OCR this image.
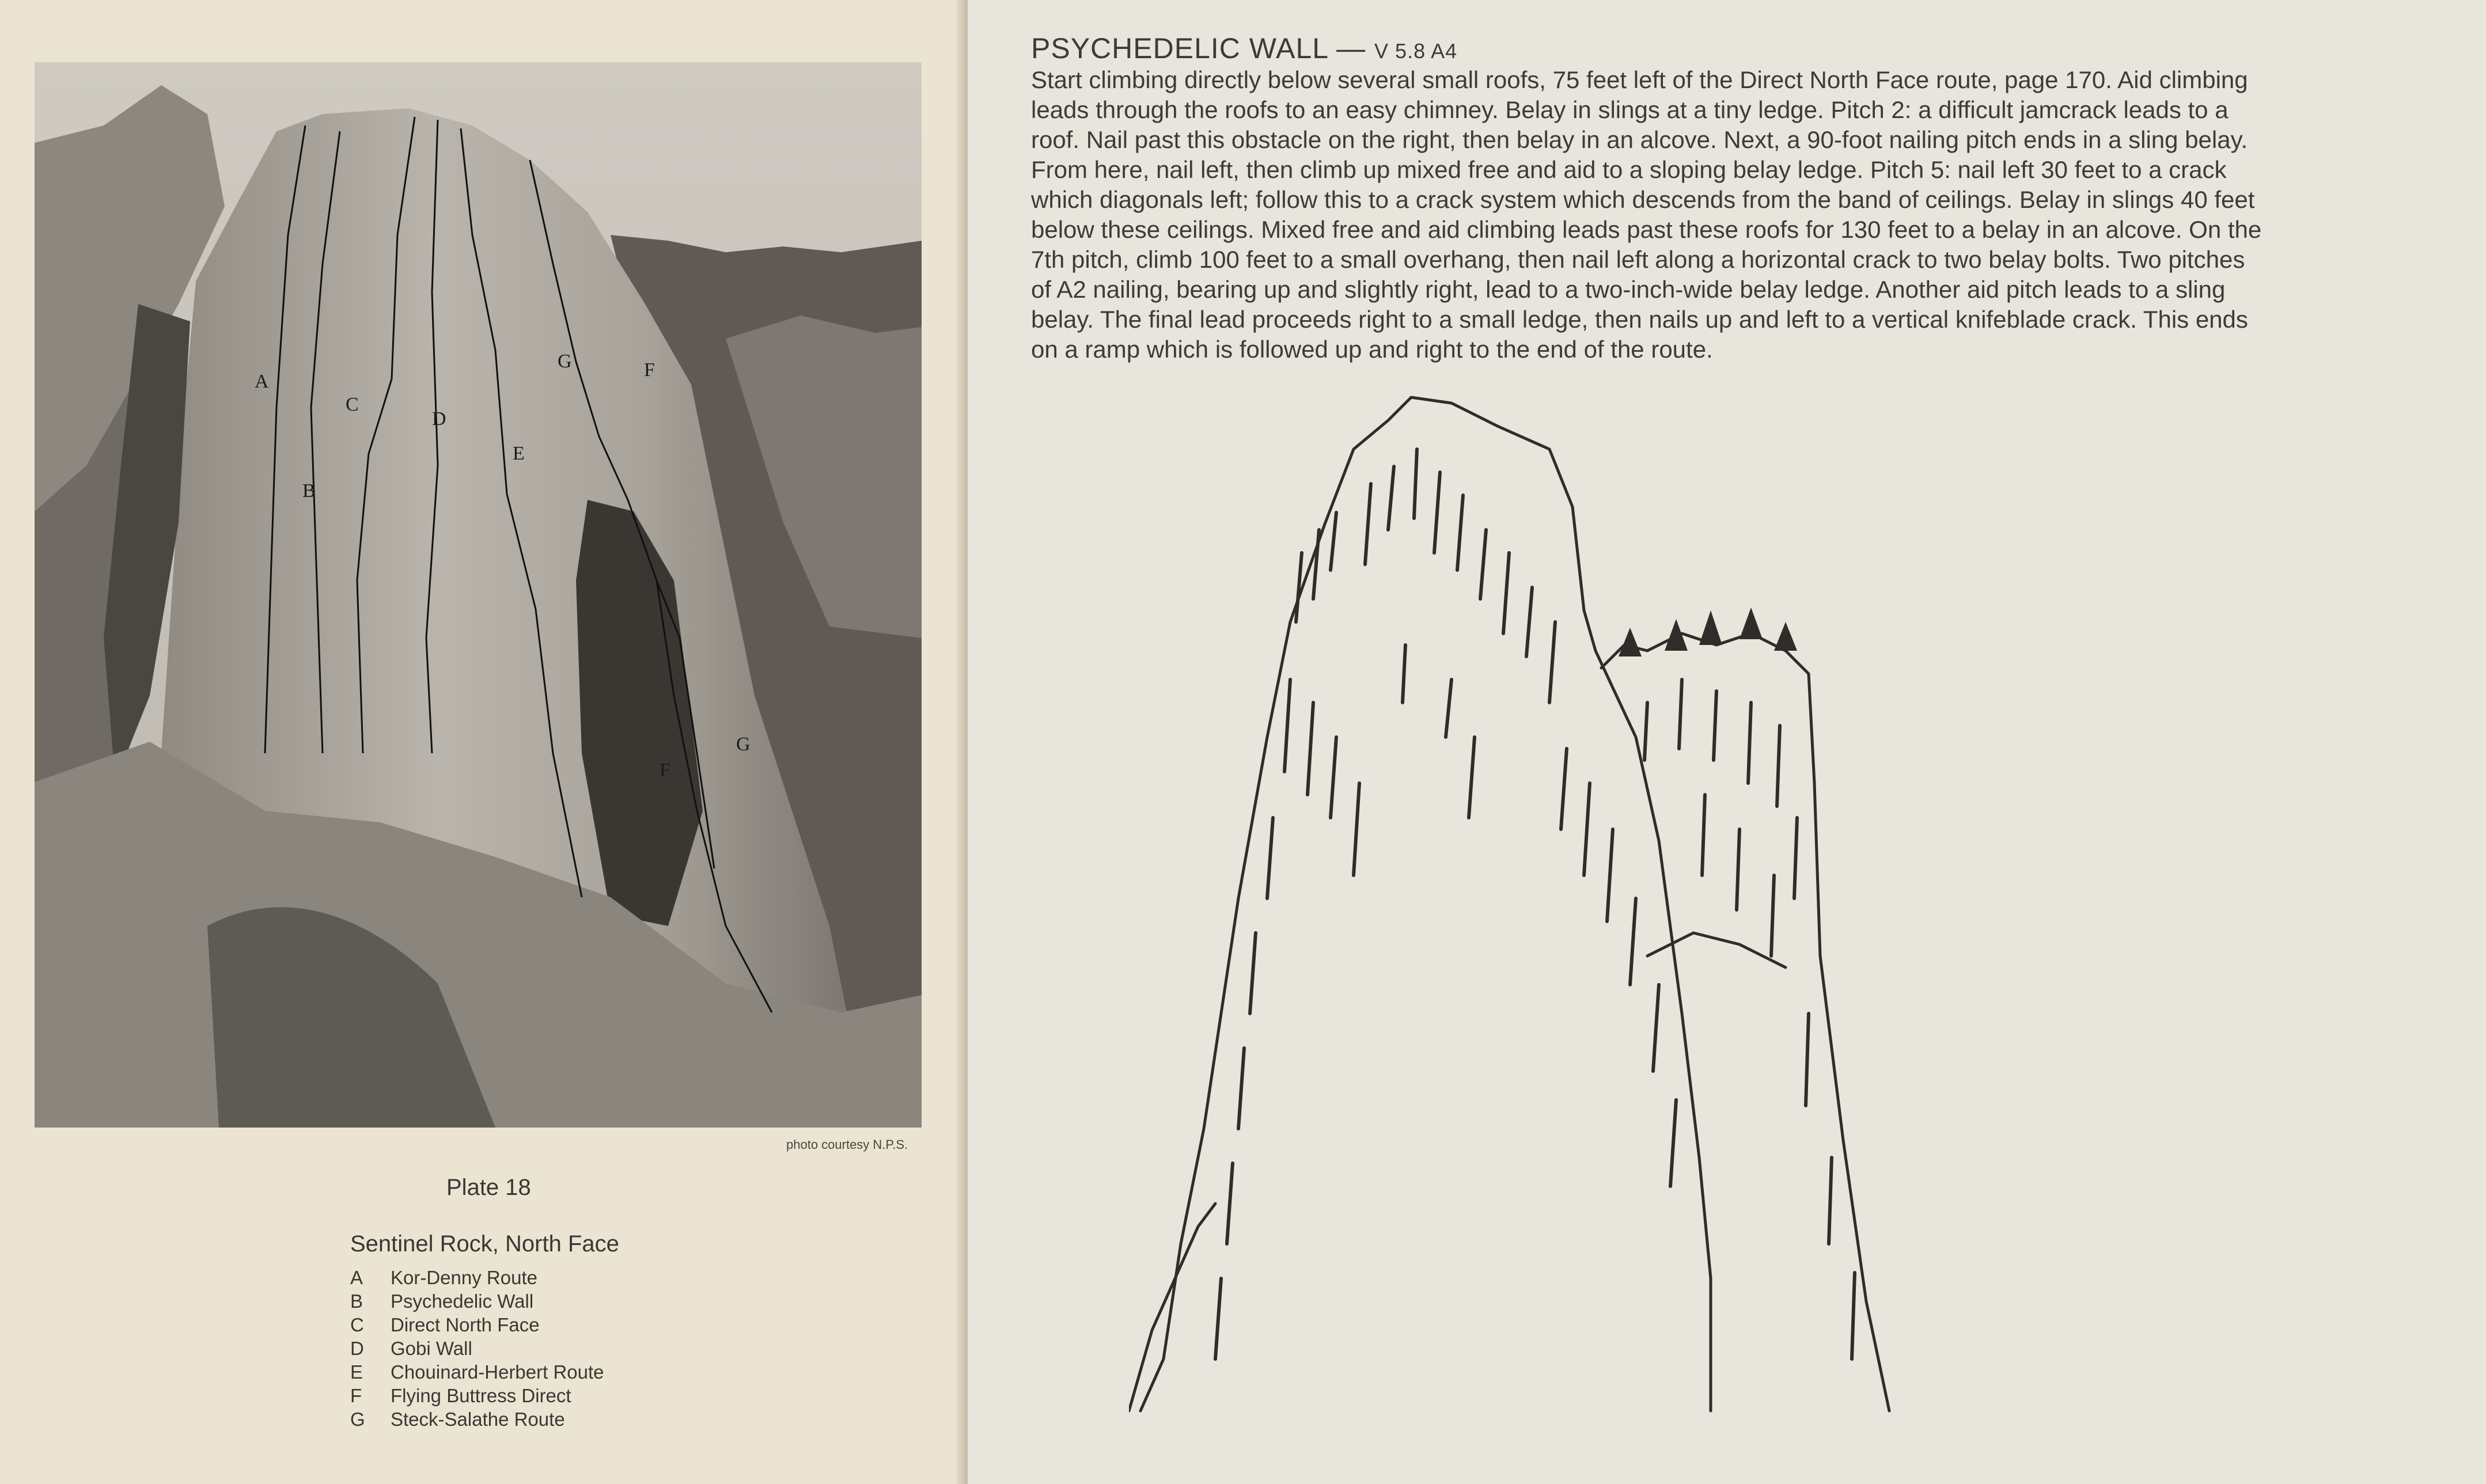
A
B
C
D
E
F
G
F
G
photo courtesy N.P.S.
Plate 18
Sentinel Rock, North Face
A Kor-Denny Route
B Psychedelic Wall
C Direct North Face
D Gobi Wall
E Chouinard-Herbert Route
F Flying Buttress Direct
G Steck-Salathe Route
PSYCHEDELIC WALL — V 5.8 A4
Start climbing directly below several small roofs, 75 feet left of the Direct North Face route, page 170. Aid climbing
leads through the roofs to an easy chimney. Belay in slings at a tiny ledge. Pitch 2: a difficult jamcrack leads to a
roof. Nail past this obstacle on the right, then belay in an alcove. Next, a 90-foot nailing pitch ends in a sling belay.
From here, nail left, then climb up mixed free and aid to a sloping belay ledge. Pitch 5: nail left 30 feet to a crack
which diagonals left; follow this to a crack system which descends from the band of ceilings. Belay in slings 40 feet
below these ceilings. Mixed free and aid climbing leads past these roofs for 130 feet to a belay in an alcove. On the
7th pitch, climb 100 feet to a small overhang, then nail left along a horizontal crack to two belay bolts. Two pitches
of A2 nailing, bearing up and slightly right, lead to a two-inch-wide belay ledge. Another aid pitch leads to a sling
belay. The final lead proceeds right to a small ledge, then nails up and left to a vertical knifeblade crack. This ends
on a ramp which is followed up and right to the end of the route.
